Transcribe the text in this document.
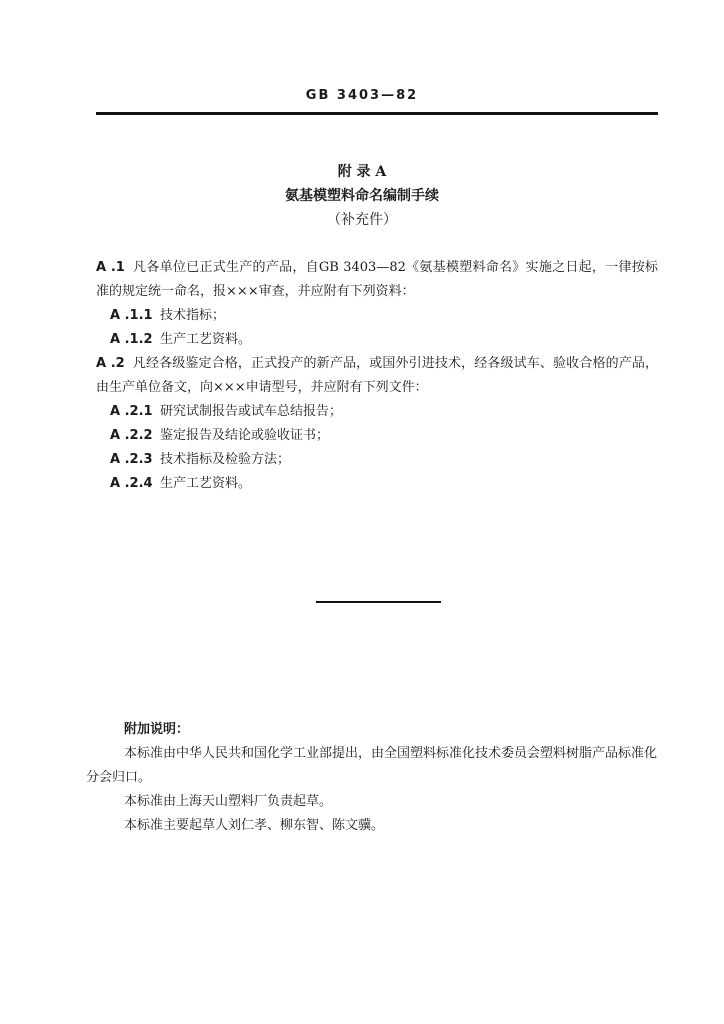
GB 3403—82
附 录 A
氨基模塑料命名编制手续
（补充件）

A .1 凡各单位已正式生产的产品，自GB 3403—82《氨基模塑料命名》实施之日起，一律按标准的规定统一命名，报×××审查，并应附有下列资料：

A .1.1 技术指标；

A .1.2 生产工艺资料。

A .2 凡经各级鉴定合格，正式投产的新产品，或国外引进技术，经各级试车、验收合格的产品，由生产单位备文，向×××申请型号，并应附有下列文件：

A .2.1 研究试制报告或试车总结报告；

A .2.2 鉴定报告及结论或验收证书；

A .2.3 技术指标及检验方法；

A .2.4 生产工艺资料。

附加说明：

本标准由中华人民共和国化学工业部提出，由全国塑料标准化技术委员会塑料树脂产品标准化分会归口。

本标准由上海天山塑料厂负责起草。

本标准主要起草人刘仁孝、柳东智、陈文骥。
